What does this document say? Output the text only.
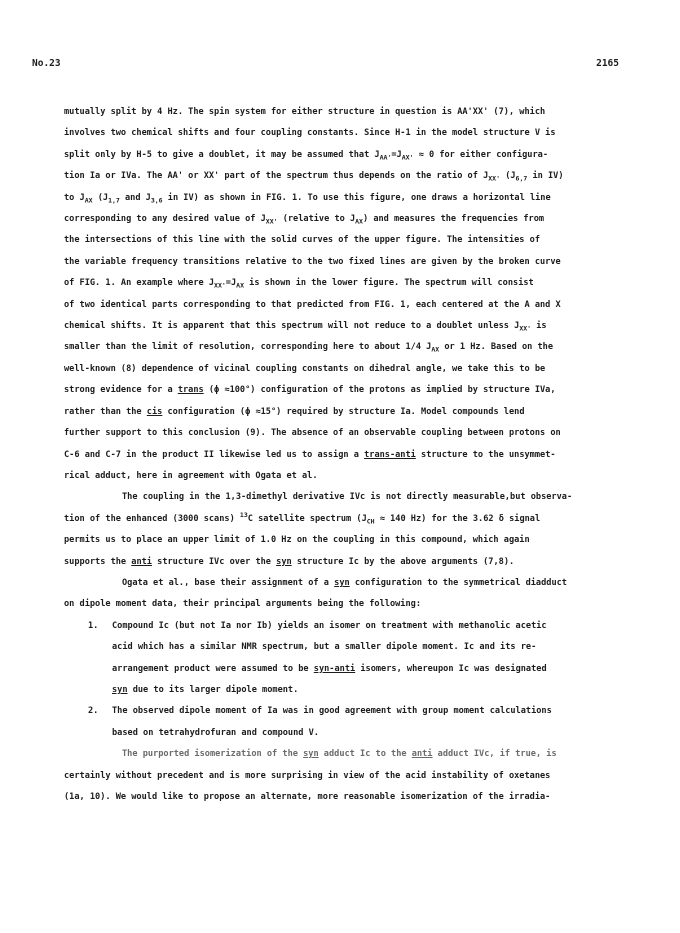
No.23	2165
mutually split by 4 Hz. The spin system for either structure in question is AA'XX' (7), which
involves two chemical shifts and four coupling constants. Since H-1 in the model structure V is
split only by H-5 to give a doublet, it may be assumed that $J_{AA'}=J_{AX'} \approx 0$ for either configura-
tion Ia or IVa. The AA' or XX' part of the spectrum thus depends on the ratio of $J_{XX'}$ ($J_{6,7}$ in IV)
to $J_{AX}$ ($J_{1,7}$ and $J_{3,6}$ in IV) as shown in FIG. 1. To use this figure, one draws a horizontal line
corresponding to any desired value of $J_{XX'}$ (relative to $J_{AX}$) and measures the frequencies from
the intersections of this line with the solid curves of the upper figure. The intensities of
the variable frequency transitions relative to the two fixed lines are given by the broken curve
of FIG. 1. An example where $J_{XX'}=J_{AX}$ is shown in the lower figure. The spectrum will consist
of two identical parts corresponding to that predicted from FIG. 1, each centered at the A and X
chemical shifts. It is apparent that this spectrum will not reduce to a doublet unless $J_{XX'}$ is
smaller than the limit of resolution, corresponding here to about 1/4 $J_{AX}$ or 1 Hz. Based on the
well-known (8) dependence of vicinal coupling constants on dihedral angle, we take this to be
strong evidence for a trans (ϕ ≈100°) configuration of the protons as implied by structure IVa,
rather than the cis configuration (ϕ ≈15°) required by structure Ia. Model compounds lend
further support to this conclusion (9). The absence of an observable coupling between protons on
C-6 and C-7 in the product II likewise led us to assign a trans-anti structure to the unsymmet-
rical adduct, here in agreement with Ogata et al.
The coupling in the 1,3-dimethyl derivative IVc is not directly measurable,but observa-
tion of the enhanced (3000 scans) $^{13}$C satellite spectrum ($J_{CH} \approx 140$ Hz) for the 3.62 δ signal
permits us to place an upper limit of 1.0 Hz on the coupling in this compound, which again
supports the anti structure IVc over the syn structure Ic by the above arguments (7,8).
Ogata et al., base their assignment of a syn configuration to the symmetrical diadduct
on dipole moment data, their principal arguments being the following:
1. Compound Ic (but not Ia nor Ib) yields an isomer on treatment with methanolic acetic
acid which has a similar NMR spectrum, but a smaller dipole moment. Ic and its re-
arrangement product were assumed to be syn-anti isomers, whereupon Ic was designated
syn due to its larger dipole moment.
2. The observed dipole moment of Ia was in good agreement with group moment calculations
based on tetrahydrofuran and compound V.
The purported isomerization of the syn adduct Ic to the anti adduct IVc, if true, is
certainly without precedent and is more surprising in view of the acid instability of oxetanes
(1a, 10). We would like to propose an alternate, more reasonable isomerization of the irradia-
